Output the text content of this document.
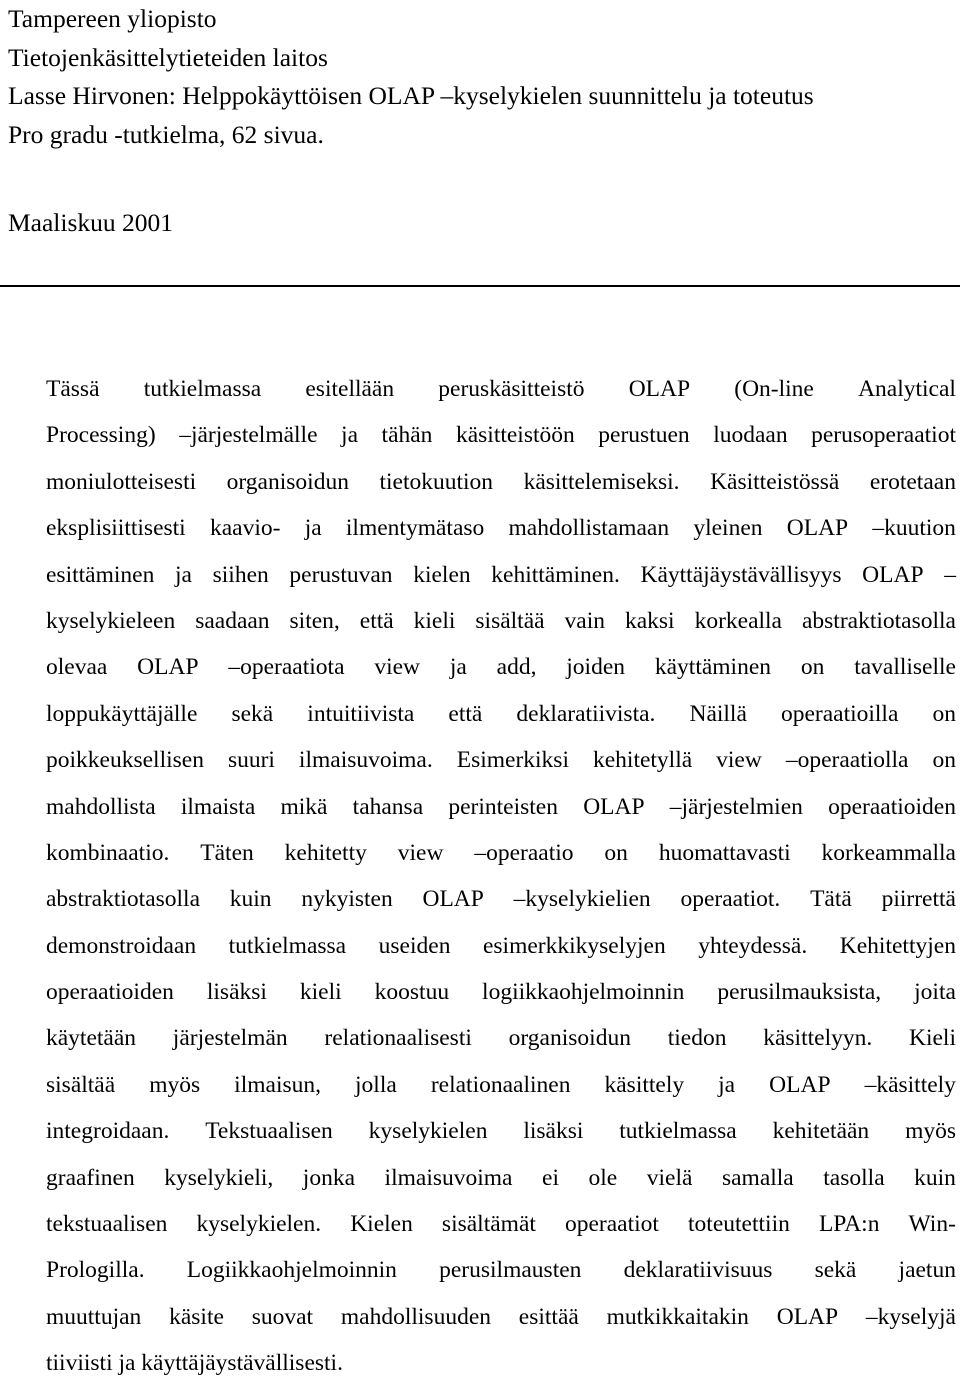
Tampereen yliopisto
Tietojenkäsittelytieteiden laitos
Lasse Hirvonen: Helppokäyttöisen OLAP –kyselykielen suunnittelu ja toteutus
Pro gradu -tutkielma, 62 sivua.
Maaliskuu 2001
Tässä tutkielmassa esitellään peruskäsitteistö OLAP (On-line Analytical
Processing) –järjestelmälle ja tähän käsitteistöön perustuen luodaan perusoperaatiot
moniulotteisesti organisoidun tietokuution käsittelemiseksi. Käsitteistössä erotetaan
eksplisiittisesti kaavio- ja ilmentymätaso mahdollistamaan yleinen OLAP –kuution
esittäminen ja siihen perustuvan kielen kehittäminen. Käyttäjäystävällisyys OLAP –
kyselykieleen saadaan siten, että kieli sisältää vain kaksi korkealla abstraktiotasolla
olevaa OLAP –operaatiota view ja add, joiden käyttäminen on tavalliselle
loppukäyttäjälle sekä intuitiivista että deklaratiivista. Näillä operaatioilla on
poikkeuksellisen suuri ilmaisuvoima. Esimerkiksi kehitetyllä view –operaatiolla on
mahdollista ilmaista mikä tahansa perinteisten OLAP –järjestelmien operaatioiden
kombinaatio. Täten kehitetty view –operaatio on huomattavasti korkeammalla
abstraktiotasolla kuin nykyisten OLAP –kyselykielien operaatiot. Tätä piirrettä
demonstroidaan tutkielmassa useiden esimerkkikyselyjen yhteydessä. Kehitettyjen
operaatioiden lisäksi kieli koostuu logiikkaohjelmoinnin perusilmauksista, joita
käytetään järjestelmän relationaalisesti organisoidun tiedon käsittelyyn. Kieli
sisältää myös ilmaisun, jolla relationaalinen käsittely ja OLAP –käsittely
integroidaan. Tekstuaalisen kyselykielen lisäksi tutkielmassa kehitetään myös
graafinen kyselykieli, jonka ilmaisuvoima ei ole vielä samalla tasolla kuin
tekstuaalisen kyselykielen. Kielen sisältämät operaatiot toteutettiin LPA:n Win-
Prologilla. Logiikkaohjelmoinnin perusilmausten deklaratiivisuus sekä jaetun
muuttujan käsite suovat mahdollisuuden esittää mutkikkaitakin OLAP –kyselyjä
tiiviisti ja käyttäjäystävällisesti.
